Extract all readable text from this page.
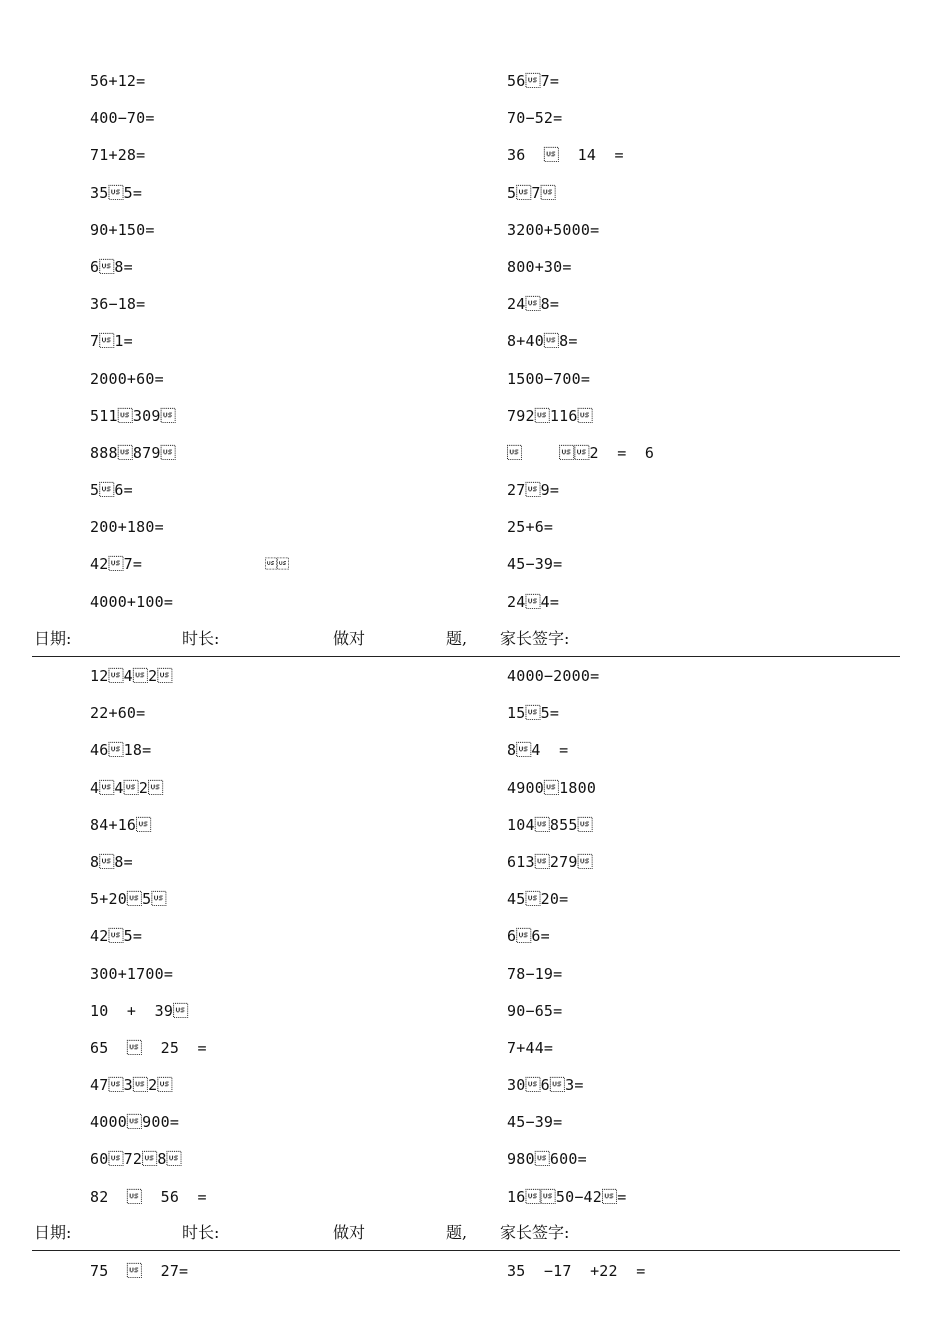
56+12=	567=
400−70=	70−52=
71+28=	36    14  =
355=	57
90+150=	3200+5000=
68=	800+30=
36−18=	248=
71=	8+408=
2000+60=	1500−700=
511309	792116
888879	    2  =  6
56=	279=
200+180=	25+6=
427=		45−39=
4000+100=	244=
日期:	时长:	做对	题, 家长签字:
1242	4000−2000=
22+60=	155=
4618=	84  =
442	49001800
84+16	104855
88=	613279
5+205	4520=
425=	66=
300+1700=	78−19=
10  +  39	90−65=
65    25  =	7+44=
4732	3063=
4000900=	45−39=
60728	980600=
82    56  =	1650−42=
日期:	时长:	做对	题, 家长签字:
75    27=	35  −17  +22  =
